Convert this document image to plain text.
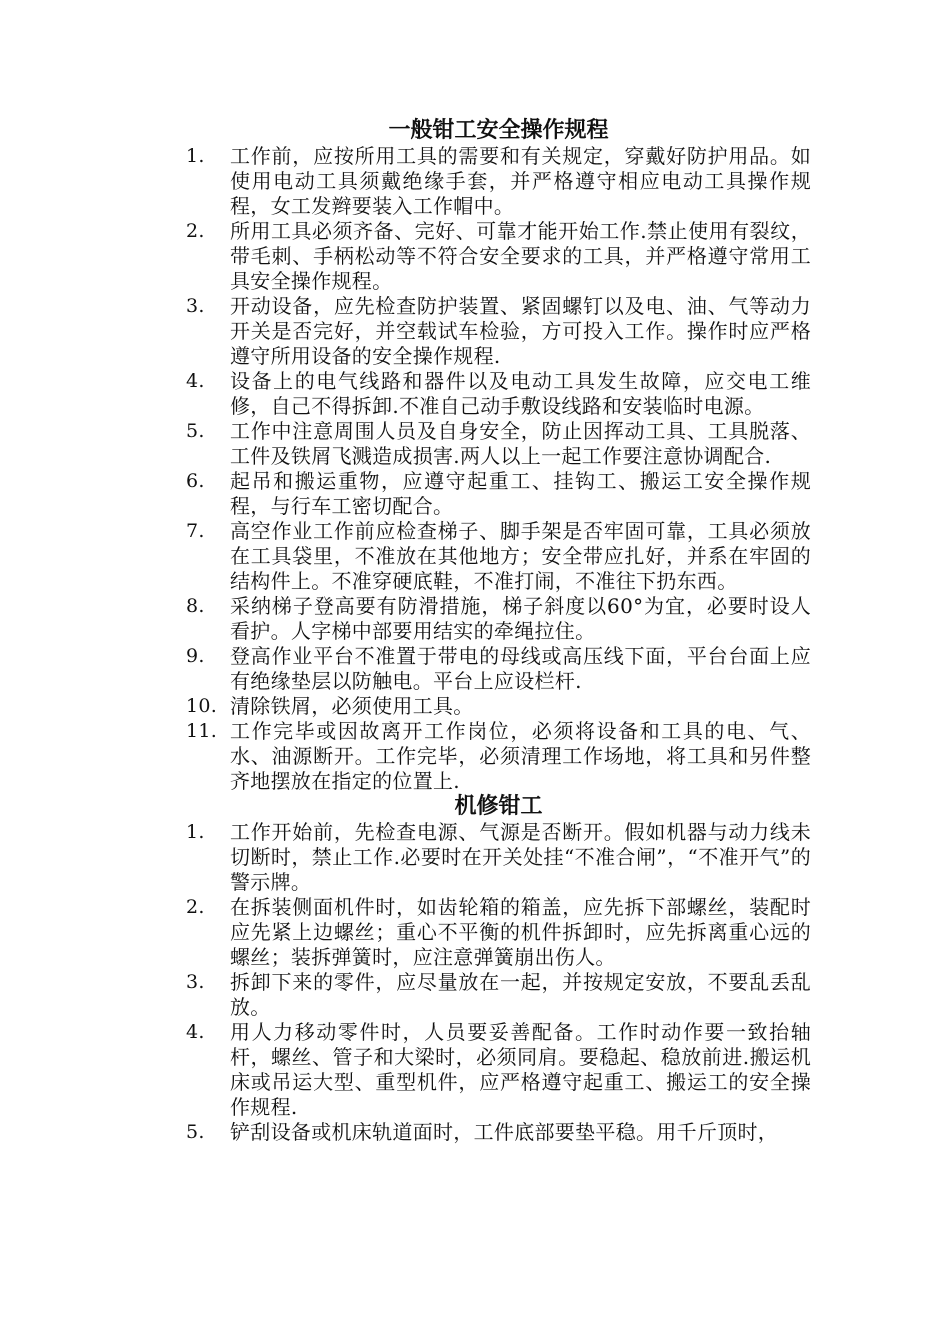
一般钳工安全操作规程
1.	工作前，应按所用工具的需要和有关规定，穿戴好防护用品。如使用电动工具须戴绝缘手套，并严格遵守相应电动工具操作规程，女工发辫要装入工作帽中。
2.	所用工具必须齐备、完好、可靠才能开始工作.禁止使用有裂纹，带毛刺、手柄松动等不符合安全要求的工具，并严格遵守常用工具安全操作规程。
3.	开动设备，应先检查防护装置、紧固螺钉以及电、油、气等动力开关是否完好，并空载试车检验，方可投入工作。操作时应严格遵守所用设备的安全操作规程.
4.	设备上的电气线路和器件以及电动工具发生故障，应交电工维修，自己不得拆卸.不准自己动手敷设线路和安装临时电源。
5.	工作中注意周围人员及自身安全，防止因挥动工具、工具脱落、工件及铁屑飞溅造成损害.两人以上一起工作要注意协调配合.
6.	起吊和搬运重物，应遵守起重工、挂钩工、搬运工安全操作规程，与行车工密切配合。
7.	高空作业工作前应检查梯子、脚手架是否牢固可靠，工具必须放在工具袋里，不准放在其他地方；安全带应扎好，并系在牢固的结构件上。不准穿硬底鞋，不准打闹，不准往下扔东西。
8.	采纳梯子登高要有防滑措施，梯子斜度以60°为宜，必要时设人看护。人字梯中部要用结实的牵绳拉住。
9.	登高作业平台不准置于带电的母线或高压线下面，平台台面上应有绝缘垫层以防触电。平台上应设栏杆.
10. 清除铁屑，必须使用工具。
11. 工作完毕或因故离开工作岗位，必须将设备和工具的电、气、水、油源断开。工作完毕，必须清理工作场地，将工具和另件整齐地摆放在指定的位置上.
机修钳工
1.	工作开始前，先检查电源、气源是否断开。假如机器与动力线未切断时，禁止工作.必要时在开关处挂“不准合闸”，“不准开气”的警示牌。
2.	在拆装侧面机件时，如齿轮箱的箱盖，应先拆下部螺丝，装配时应先紧上边螺丝；重心不平衡的机件拆卸时，应先拆离重心远的螺丝；装拆弹簧时，应注意弹簧崩出伤人。
3.	拆卸下来的零件，应尽量放在一起，并按规定安放，不要乱丢乱放。
4.	用人力移动零件时，人员要妥善配备。工作时动作要一致抬轴杆，螺丝、管子和大梁时，必须同肩。要稳起、稳放前进.搬运机床或吊运大型、重型机件，应严格遵守起重工、搬运工的安全操作规程.
5.	铲刮设备或机床轨道面时，工件底部要垫平稳。用千斤顶时，
